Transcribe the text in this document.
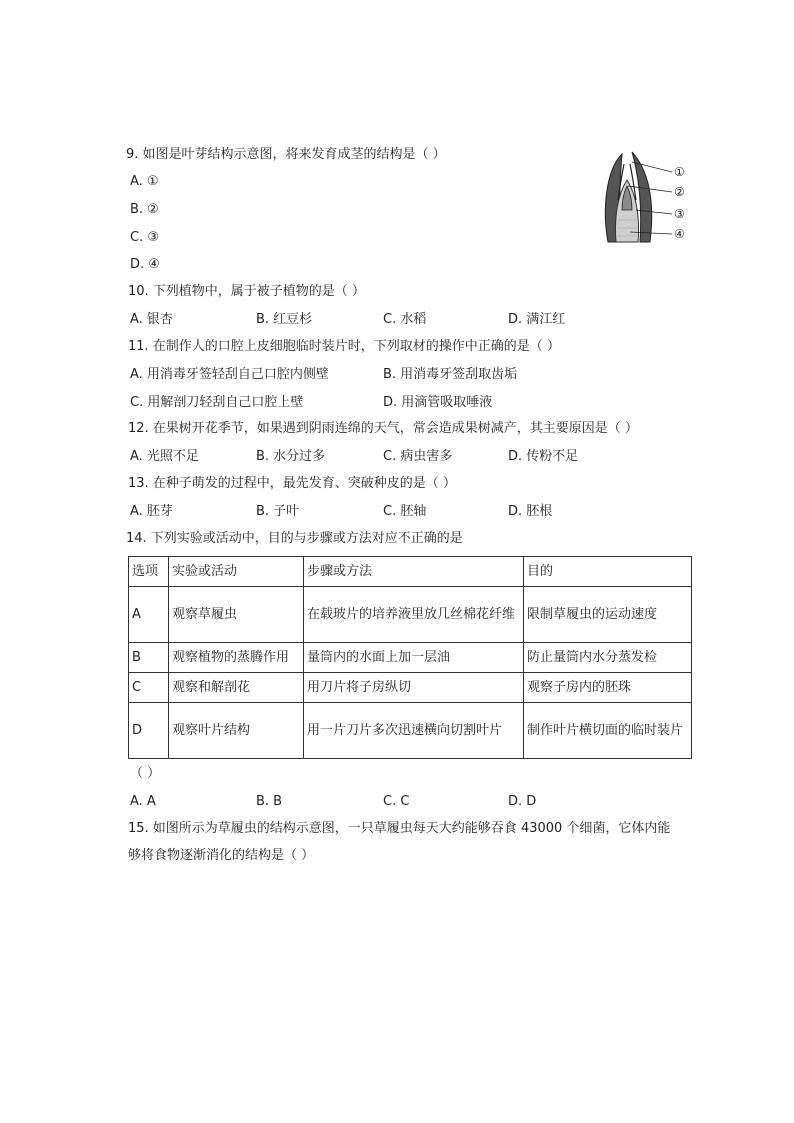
9. 如图是叶芽结构示意图，将来发育成茎的结构是（ ）
A. ①
B. ②
C. ③
D. ④
①
②
③
④
10. 下列植物中，属于被子植物的是（ ）
A. 银杏	B. 红豆杉	C. 水稻	D. 满江红
11. 在制作人的口腔上皮细胞临时装片时，下列取材的操作中正确的是（ ）
A. 用消毒牙签轻刮自己口腔内侧壁	B. 用消毒牙签刮取齿垢
C. 用解剖刀轻刮自己口腔上壁	D. 用滴管吸取唾液
12. 在果树开花季节，如果遇到阴雨连绵的天气，常会造成果树减产，其主要原因是（ ）
A. 光照不足	B. 水分过多	C. 病虫害多	D. 传粉不足
13. 在种子萌发的过程中，最先发育、突破种皮的是（ ）
A. 胚芽	B. 子叶	C. 胚轴	D. 胚根
14. 下列实验或活动中，目的与步骤或方法对应不正确的是
选项	实验或活动	步骤或方法	目的
A	观察草履虫	在载玻片的培养液里放几丝棉花纤维	限制草履虫的运动速度
B	观察植物的蒸腾作用	量筒内的水面上加一层油	防止量筒内水分蒸发检
C	观察和解剖花	用刀片将子房纵切	观察子房内的胚珠
D	观察叶片结构	用一片刀片多次迅速横向切割叶片	制作叶片横切面的临时装片
（ ）
A. A	B. B	C. C	D. D
15. 如图所示为草履虫的结构示意图，一只草履虫每天大约能够吞食 43000 个细菌，它体内能
够将食物逐渐消化的结构是（ ）
